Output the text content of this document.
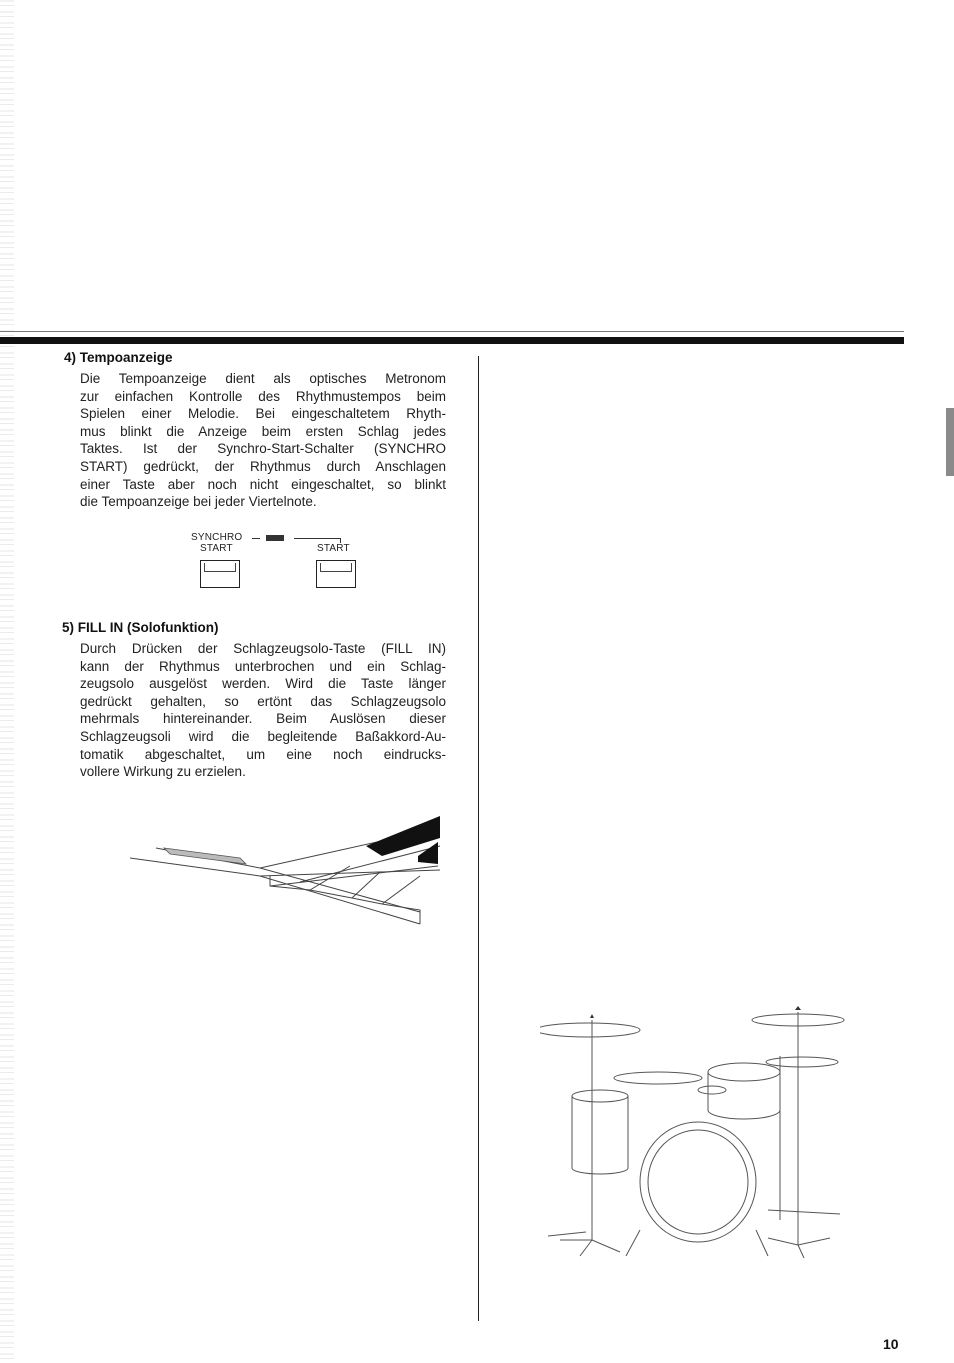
4) Tempoanzeige
Die Tempoanzeige dient als optisches Metronom
zur einfachen Kontrolle des Rhythmustempos beim
Spielen einer Melodie. Bei eingeschaltetem Rhyth-
mus blinkt die Anzeige beim ersten Schlag jedes
Taktes. Ist der Synchro-Start-Schalter (SYNCHRO
START) gedrückt, der Rhythmus durch Anschlagen
einer Taste aber noch nicht eingeschaltet, so blinkt
die Tempoanzeige bei jeder Viertelnote.
SYNCHRO
START	START
5) FILL IN (Solofunktion)
Durch Drücken der Schlagzeugsolo-Taste (FILL IN)
kann der Rhythmus unterbrochen und ein Schlag-
zeugsolo ausgelöst werden. Wird die Taste länger
gedrückt gehalten, so ertönt das Schlagzeugsolo
mehrmals hintereinander. Beim Auslösen dieser
Schlagzeugsoli wird die begleitende Baßakkord-Au-
tomatik abgeschaltet, um eine noch eindrucks-
vollere Wirkung zu erzielen.
10
